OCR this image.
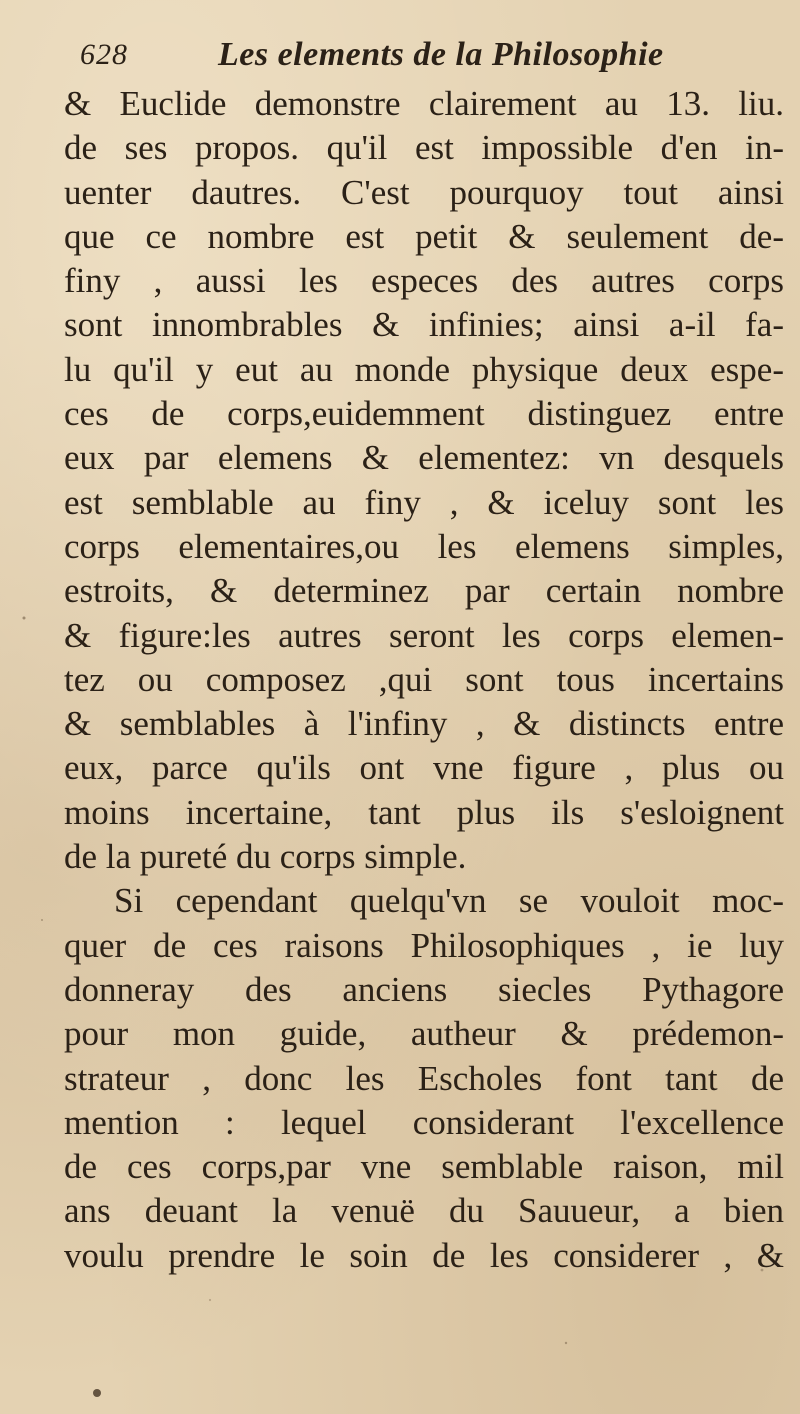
628	Les elements de la Philosophie
& Euclide demonstre clairement au 13. liu.
de ses propos. qu'il est impossible d'en in-
uenter dautres. C'est pourquoy tout ainsi
que ce nombre est petit & seulement de-
finy , aussi les especes des autres corps
sont innombrables & infinies; ainsi a-il fa-
lu qu'il y eut au monde physique deux espe-
ces de corps,euidemment distinguez entre
eux par elemens & elementez: vn desquels
est semblable au finy , & iceluy sont les
corps elementaires,ou les elemens simples,
estroits, & determinez par certain nombre
& figure:les autres seront les corps elemen-
tez ou composez ,qui sont tous incertains
& semblables à l'infiny , & distincts entre
eux, parce qu'ils ont vne figure , plus ou
moins incertaine, tant plus ils s'esloignent
de la pureté du corps simple.
Si cependant quelqu'vn se vouloit moc-
quer de ces raisons Philosophiques , ie luy
donneray des anciens siecles Pythagore
pour mon guide, autheur & prédemon-
strateur , donc les Escholes font tant de
mention : lequel considerant l'excellence
de ces corps,par vne semblable raison, mil
ans deuant la venuë du Sauueur, a bien
voulu prendre le soin de les considerer , &
